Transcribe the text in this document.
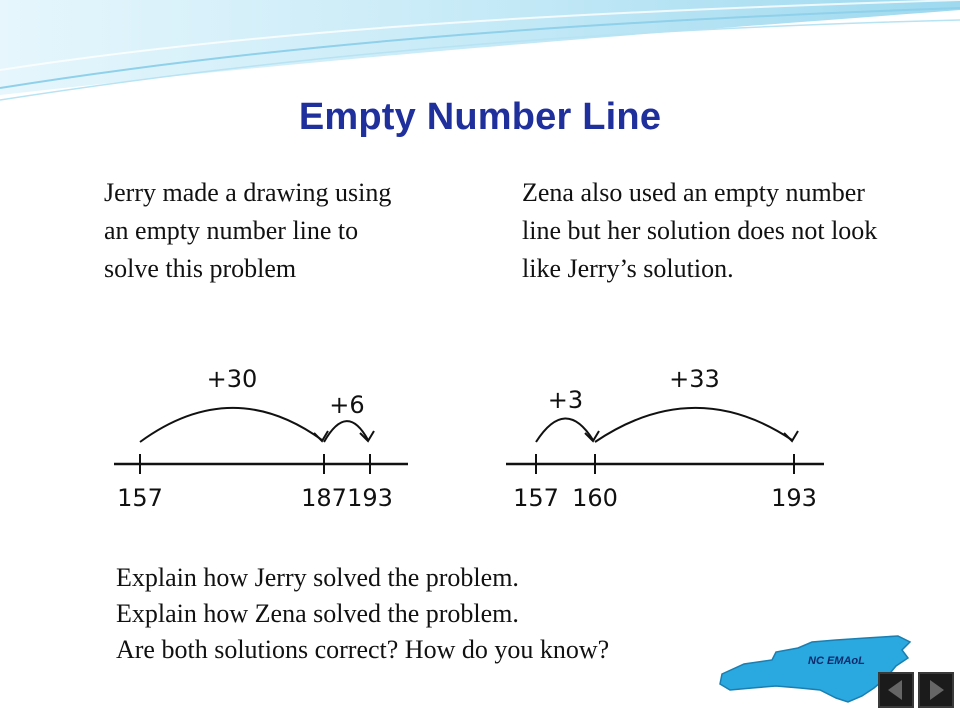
Empty Number Line
Jerry made a drawing using an empty number line to solve this problem
Zena also used an empty number line but her solution does not look like Jerry’s solution.
157	187 193
+30
+6
157 160	193
+3
+33
Explain how Jerry solved the problem.
Explain how Zena solved the problem.
Are both solutions correct? How do you know?	NC EMAoL
